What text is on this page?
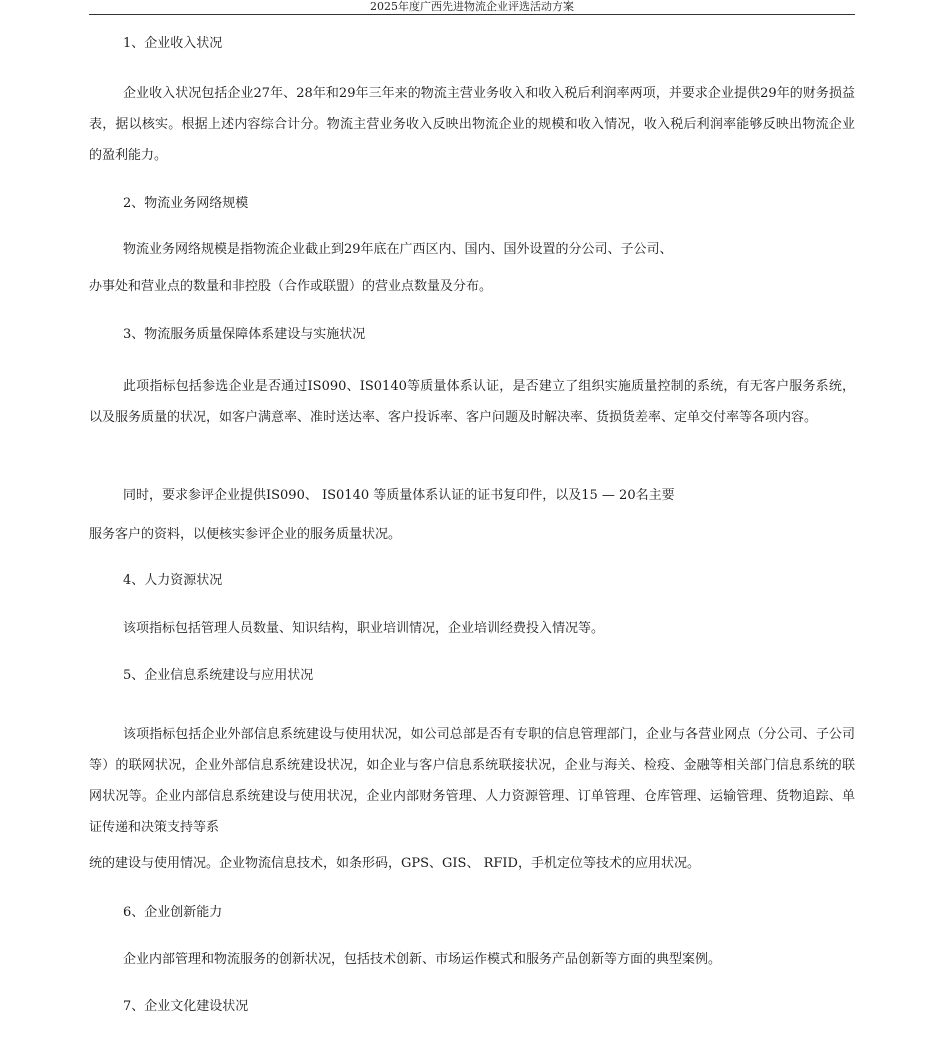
2025年度广西先进物流企业评选活动方案
1、企业收入状况
企业收入状况包括企业27年、28年和29年三年来的物流主营业务收入和收入税后利润率两项，并要求企业提供29年的财务损益表，据以核实。根据上述内容综合计分。物流主营业务收入反映出物流企业的规模和收入情况，收入税后利润率能够反映出物流企业的盈利能力。
2、物流业务网络规模
物流业务网络规模是指物流企业截止到29年底在广西区内、国内、国外设置的分公司、子公司、
办事处和营业点的数量和非控股（合作或联盟）的营业点数量及分布。
3、物流服务质量保障体系建设与实施状况
此项指标包括参选企业是否通过IS090、IS0140等质量体系认证，是否建立了组织实施质量控制的系统，有无客户服务系统，以及服务质量的状况，如客户满意率、准时送达率、客户投诉率、客户问题及时解决率、货损货差率、定单交付率等各项内容。
同时，要求参评企业提供IS090、 IS0140 等质量体系认证的证书复印件，以及15 — 20名主要
服务客户的资料，以便核实参评企业的服务质量状况。
4、人力资源状况
该项指标包括管理人员数量、知识结构，职业培训情况，企业培训经费投入情况等。
5、企业信息系统建设与应用状况
该项指标包括企业外部信息系统建设与使用状况，如公司总部是否有专职的信息管理部门，企业与各营业网点（分公司、子公司等）的联网状况，企业外部信息系统建设状况，如企业与客户信息系统联接状况，企业与海关、检疫、金融等相关部门信息系统的联网状况等。企业内部信息系统建设与使用状况，企业内部财务管理、人力资源管理、订单管理、仓库管理、运输管理、货物追踪、单证传递和决策支持等系
统的建设与使用情况。企业物流信息技术，如条形码，GPS、GIS、 RFID，手机定位等技术的应用状况。
6、企业创新能力
企业内部管理和物流服务的创新状况，包括技术创新、市场运作模式和服务产品创新等方面的典型案例。
7、企业文化建设状况
